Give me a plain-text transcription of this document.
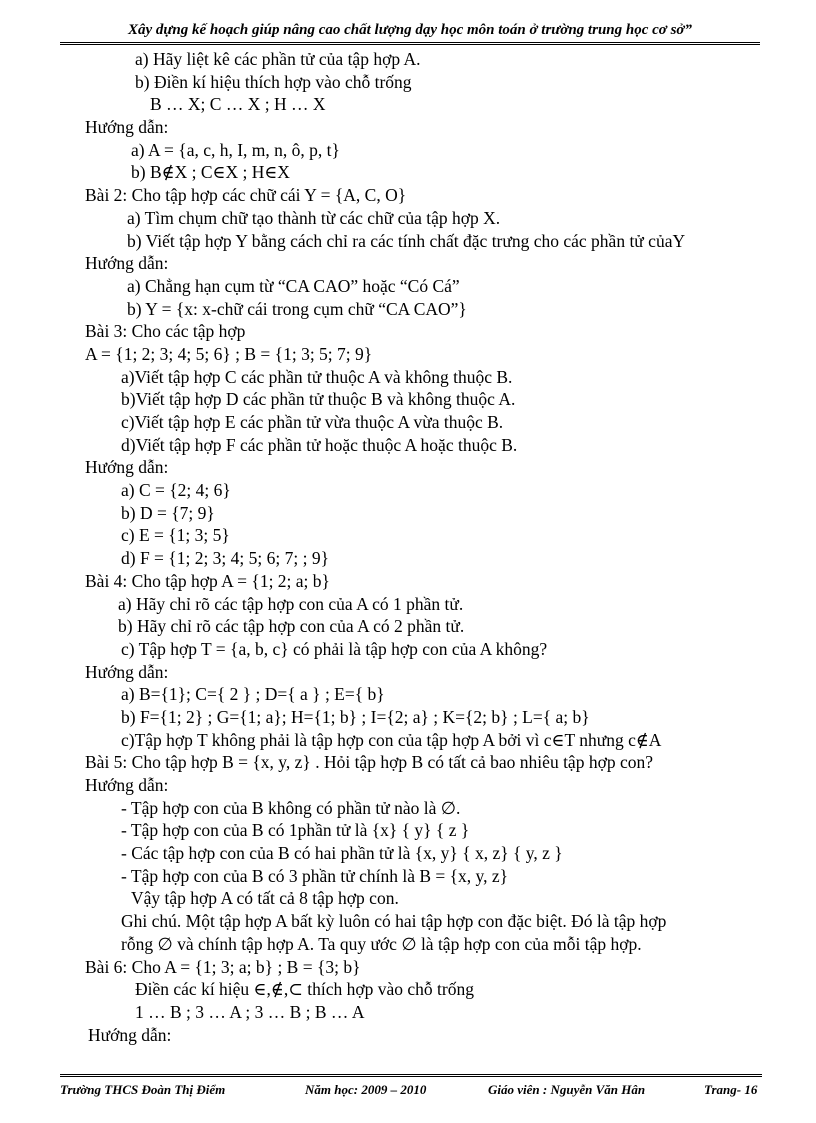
Xây dựng kế hoạch giúp nâng cao chất lượng dạy học môn toán ở trường trung học cơ sở”
a) Hãy liệt kê các phần tử của tập hợp A.
b) Điền kí hiệu thích hợp vào chỗ trống
B … X; C … X ; H … X
Hướng dẫn:
a) A = {a, c, h, I, m, n, ô, p, t}
b) B∉X ; C∈X ; H∈X
Bài 2: Cho tập hợp các chữ cái Y = {A, C, O}
a) Tìm chụm chữ tạo thành từ các chữ của tập hợp X.
b) Viết tập hợp Y bằng cách chỉ ra các tính chất đặc trưng cho các phần tử củaY
Hướng dẫn:
a) Chẳng hạn cụm từ “CA CAO” hoặc “Có Cá”
b) Y = {x: x-chữ cái trong cụm chữ “CA CAO”}
Bài 3: Cho các tập hợp
A = {1; 2; 3; 4; 5; 6} ; B = {1; 3; 5; 7; 9}
a)Viết tập hợp C các phần tử thuộc A và không thuộc B.
b)Viết tập hợp D các phần tử thuộc B và không thuộc A.
c)Viết tập hợp E các phần tử vừa thuộc A vừa thuộc B.
d)Viết tập hợp F các phần tử hoặc thuộc A hoặc thuộc B.
Hướng dẫn:
a) C = {2; 4; 6}
b) D = {7; 9}
c) E = {1; 3; 5}
d) F = {1; 2; 3; 4; 5; 6; 7; ; 9}
Bài 4: Cho tập hợp A = {1; 2; a; b}
a) Hãy chỉ rõ các tập hợp con của A có 1 phần tử.
b) Hãy chỉ rõ các tập hợp con của A có 2 phần tử.
c) Tập hợp T = {a, b, c} có phải là tập hợp con của A không?
Hướng dẫn:
a) B={1}; C={ 2 } ; D={ a } ; E={ b}
b) F={1; 2} ; G={1; a}; H={1; b} ; I={2; a} ; K={2; b} ; L={ a; b}
c)Tập hợp T không phải là tập hợp con của tập hợp A bởi vì c∈T nhưng c∉A
Bài 5: Cho tập hợp B = {x, y, z} . Hỏi tập hợp B có tất cả bao nhiêu tập hợp con?
Hướng dẫn:
- Tập hợp con của B không có phần tử nào là ∅.
- Tập hợp con của B có 1phần tử là {x} { y} { z }
- Các tập hợp con của B có hai phần tử là {x, y} { x, z} { y, z }
- Tập hợp con của B có 3 phần tử chính là B = {x, y, z}
Vậy tập hợp A có tất cả 8 tập hợp con.
Ghi chú. Một tập hợp A bất kỳ luôn có hai tập hợp con đặc biệt. Đó là tập hợp
rỗng ∅ và chính tập hợp A. Ta quy ước ∅ là tập hợp con của mỗi tập hợp.
Bài 6: Cho A = {1; 3; a; b} ; B = {3; b}
Điền các kí hiệu ∈,∉,⊂ thích hợp vào chỗ trống
1 … B ; 3 … A ; 3 … B ; B … A
Hướng dẫn:
Trường THCS Đoàn Thị Điểm	Năm học: 2009 – 2010	Giáo viên : Nguyễn Văn Hân	Trang- 16
